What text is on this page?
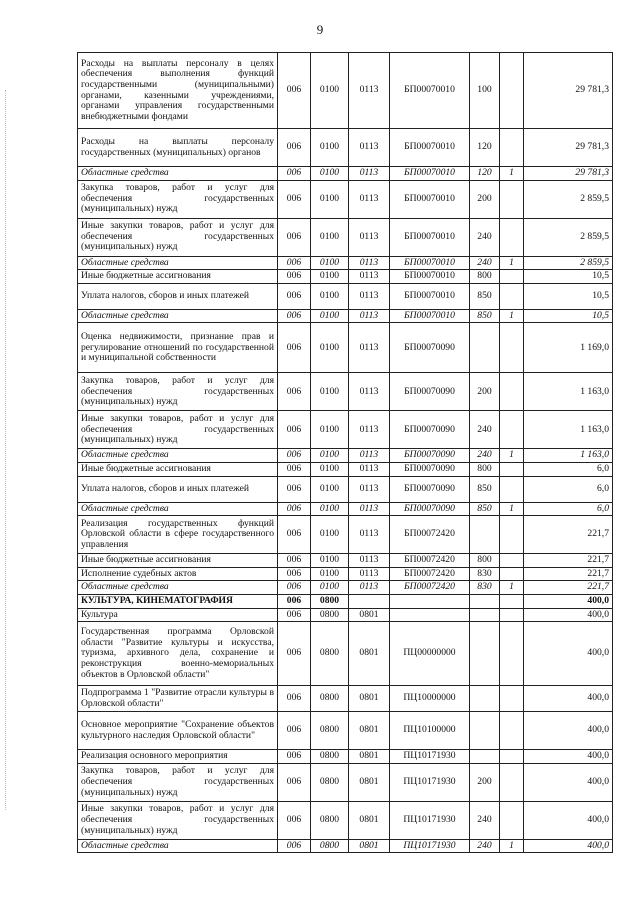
9
Расходы на выплаты персоналу в целях обеспечения выполнения функций государственными (муниципальными) органами, казенными учреждениями, органами управления государственными внебюджетными фондами	006	0100	0113	БП00070010	100		29 781,3
Расходы на выплаты персоналу государственных (муниципальных) органов	006	0100	0113	БП00070010	120		29 781,3
Областные средства	006	0100	0113	БП00070010	120	1	29 781,3
Закупка товаров, работ и услуг для обеспечения государственных (муниципальных) нужд	006	0100	0113	БП00070010	200		2 859,5
Иные закупки товаров, работ и услуг для обеспечения государственных (муниципальных) нужд	006	0100	0113	БП00070010	240		2 859,5
Областные средства	006	0100	0113	БП00070010	240	1	2 859,5
Иные бюджетные ассигнования	006	0100	0113	БП00070010	800		10,5
Уплата налогов, сборов и иных платежей	006	0100	0113	БП00070010	850		10,5
Областные средства	006	0100	0113	БП00070010	850	1	10,5
Оценка недвижимости, признание прав и регулирование отношений по государственной и муниципальной собственности	006	0100	0113	БП00070090			1 169,0
Закупка товаров, работ и услуг для обеспечения государственных (муниципальных) нужд	006	0100	0113	БП00070090	200		1 163,0
Иные закупки товаров, работ и услуг для обеспечения государственных (муниципальных) нужд	006	0100	0113	БП00070090	240		1 163,0
Областные средства	006	0100	0113	БП00070090	240	1	1 163,0
Иные бюджетные ассигнования	006	0100	0113	БП00070090	800		6,0
Уплата налогов, сборов и иных платежей	006	0100	0113	БП00070090	850		6,0
Областные средства	006	0100	0113	БП00070090	850	1	6,0
Реализация государственных функций Орловской области в сфере государственного управления	006	0100	0113	БП00072420			221,7
Иные бюджетные ассигнования	006	0100	0113	БП00072420	800		221,7
Исполнение судебных актов	006	0100	0113	БП00072420	830		221,7
Областные средства	006	0100	0113	БП00072420	830	1	221,7
КУЛЬТУРА, КИНЕМАТОГРАФИЯ	006	0800					400,0
Культура	006	0800	0801				400,0
Государственная программа Орловской области "Развитие культуры и искусства, туризма, архивного дела, сохранение и реконструкция военно-мемориальных объектов в Орловской области"	006	0800	0801	ПЦ00000000			400,0
Подпрограмма 1 "Развитие отрасли культуры в Орловской области"	006	0800	0801	ПЦ10000000			400,0
Основное мероприятие "Сохранение объектов культурного наследия Орловской области"	006	0800	0801	ПЦ10100000			400,0
Реализация основного мероприятия	006	0800	0801	ПЦ10171930			400,0
Закупка товаров, работ и услуг для обеспечения государственных (муниципальных) нужд	006	0800	0801	ПЦ10171930	200		400,0
Иные закупки товаров, работ и услуг для обеспечения государственных (муниципальных) нужд	006	0800	0801	ПЦ10171930	240		400,0
Областные средства	006	0800	0801	ПЦ10171930	240	1	400,0
